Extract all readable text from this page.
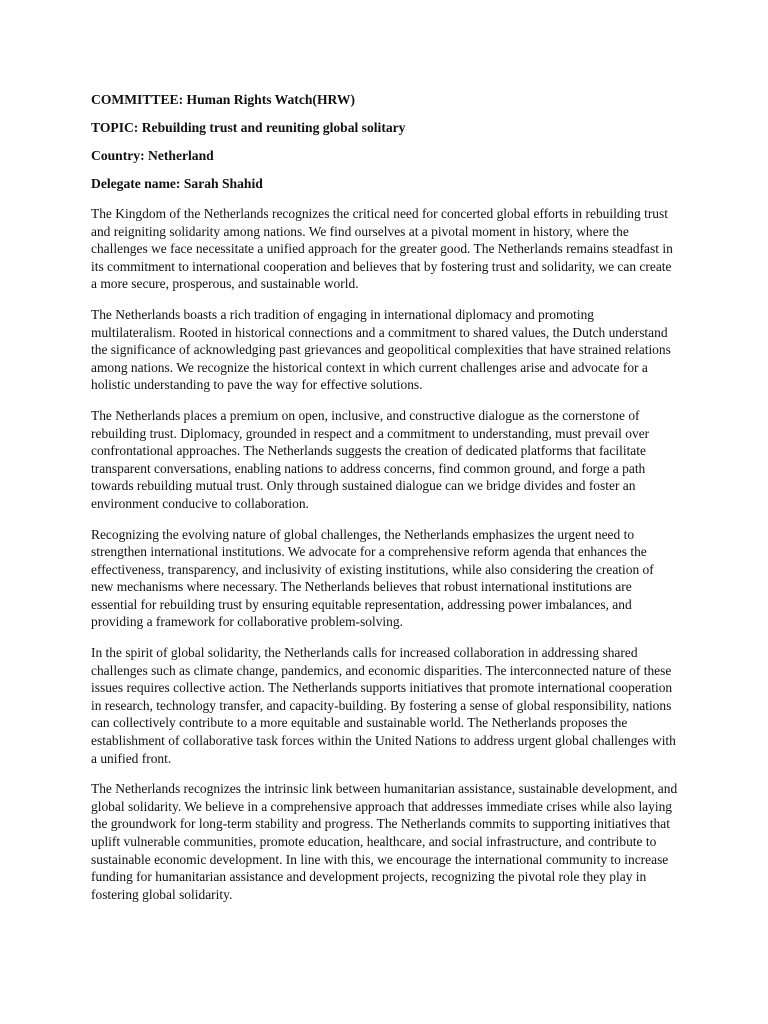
COMMITTEE: Human Rights Watch(HRW)
TOPIC: Rebuilding trust and reuniting global solitary
Country: Netherland
Delegate name: Sarah Shahid

The Kingdom of the Netherlands recognizes the critical need for concerted global efforts in rebuilding trust and reigniting solidarity among nations. We find ourselves at a pivotal moment in history, where the challenges we face necessitate a unified approach for the greater good. The Netherlands remains steadfast in its commitment to international cooperation and believes that by fostering trust and solidarity, we can create a more secure, prosperous, and sustainable world.

The Netherlands boasts a rich tradition of engaging in international diplomacy and promoting multilateralism. Rooted in historical connections and a commitment to shared values, the Dutch understand the significance of acknowledging past grievances and geopolitical complexities that have strained relations among nations. We recognize the historical context in which current challenges arise and advocate for a holistic understanding to pave the way for effective solutions.

The Netherlands places a premium on open, inclusive, and constructive dialogue as the cornerstone of rebuilding trust. Diplomacy, grounded in respect and a commitment to understanding, must prevail over confrontational approaches. The Netherlands suggests the creation of dedicated platforms that facilitate transparent conversations, enabling nations to address concerns, find common ground, and forge a path towards rebuilding mutual trust. Only through sustained dialogue can we bridge divides and foster an environment conducive to collaboration.

Recognizing the evolving nature of global challenges, the Netherlands emphasizes the urgent need to strengthen international institutions. We advocate for a comprehensive reform agenda that enhances the effectiveness, transparency, and inclusivity of existing institutions, while also considering the creation of new mechanisms where necessary. The Netherlands believes that robust international institutions are essential for rebuilding trust by ensuring equitable representation, addressing power imbalances, and providing a framework for collaborative problem-solving.

In the spirit of global solidarity, the Netherlands calls for increased collaboration in addressing shared challenges such as climate change, pandemics, and economic disparities. The interconnected nature of these issues requires collective action. The Netherlands supports initiatives that promote international cooperation in research, technology transfer, and capacity-building. By fostering a sense of global responsibility, nations can collectively contribute to a more equitable and sustainable world. The Netherlands proposes the establishment of collaborative task forces within the United Nations to address urgent global challenges with a unified front.

The Netherlands recognizes the intrinsic link between humanitarian assistance, sustainable development, and global solidarity. We believe in a comprehensive approach that addresses immediate crises while also laying the groundwork for long-term stability and progress. The Netherlands commits to supporting initiatives that uplift vulnerable communities, promote education, healthcare, and social infrastructure, and contribute to sustainable economic development. In line with this, we encourage the international community to increase funding for humanitarian assistance and development projects, recognizing the pivotal role they play in fostering global solidarity.
